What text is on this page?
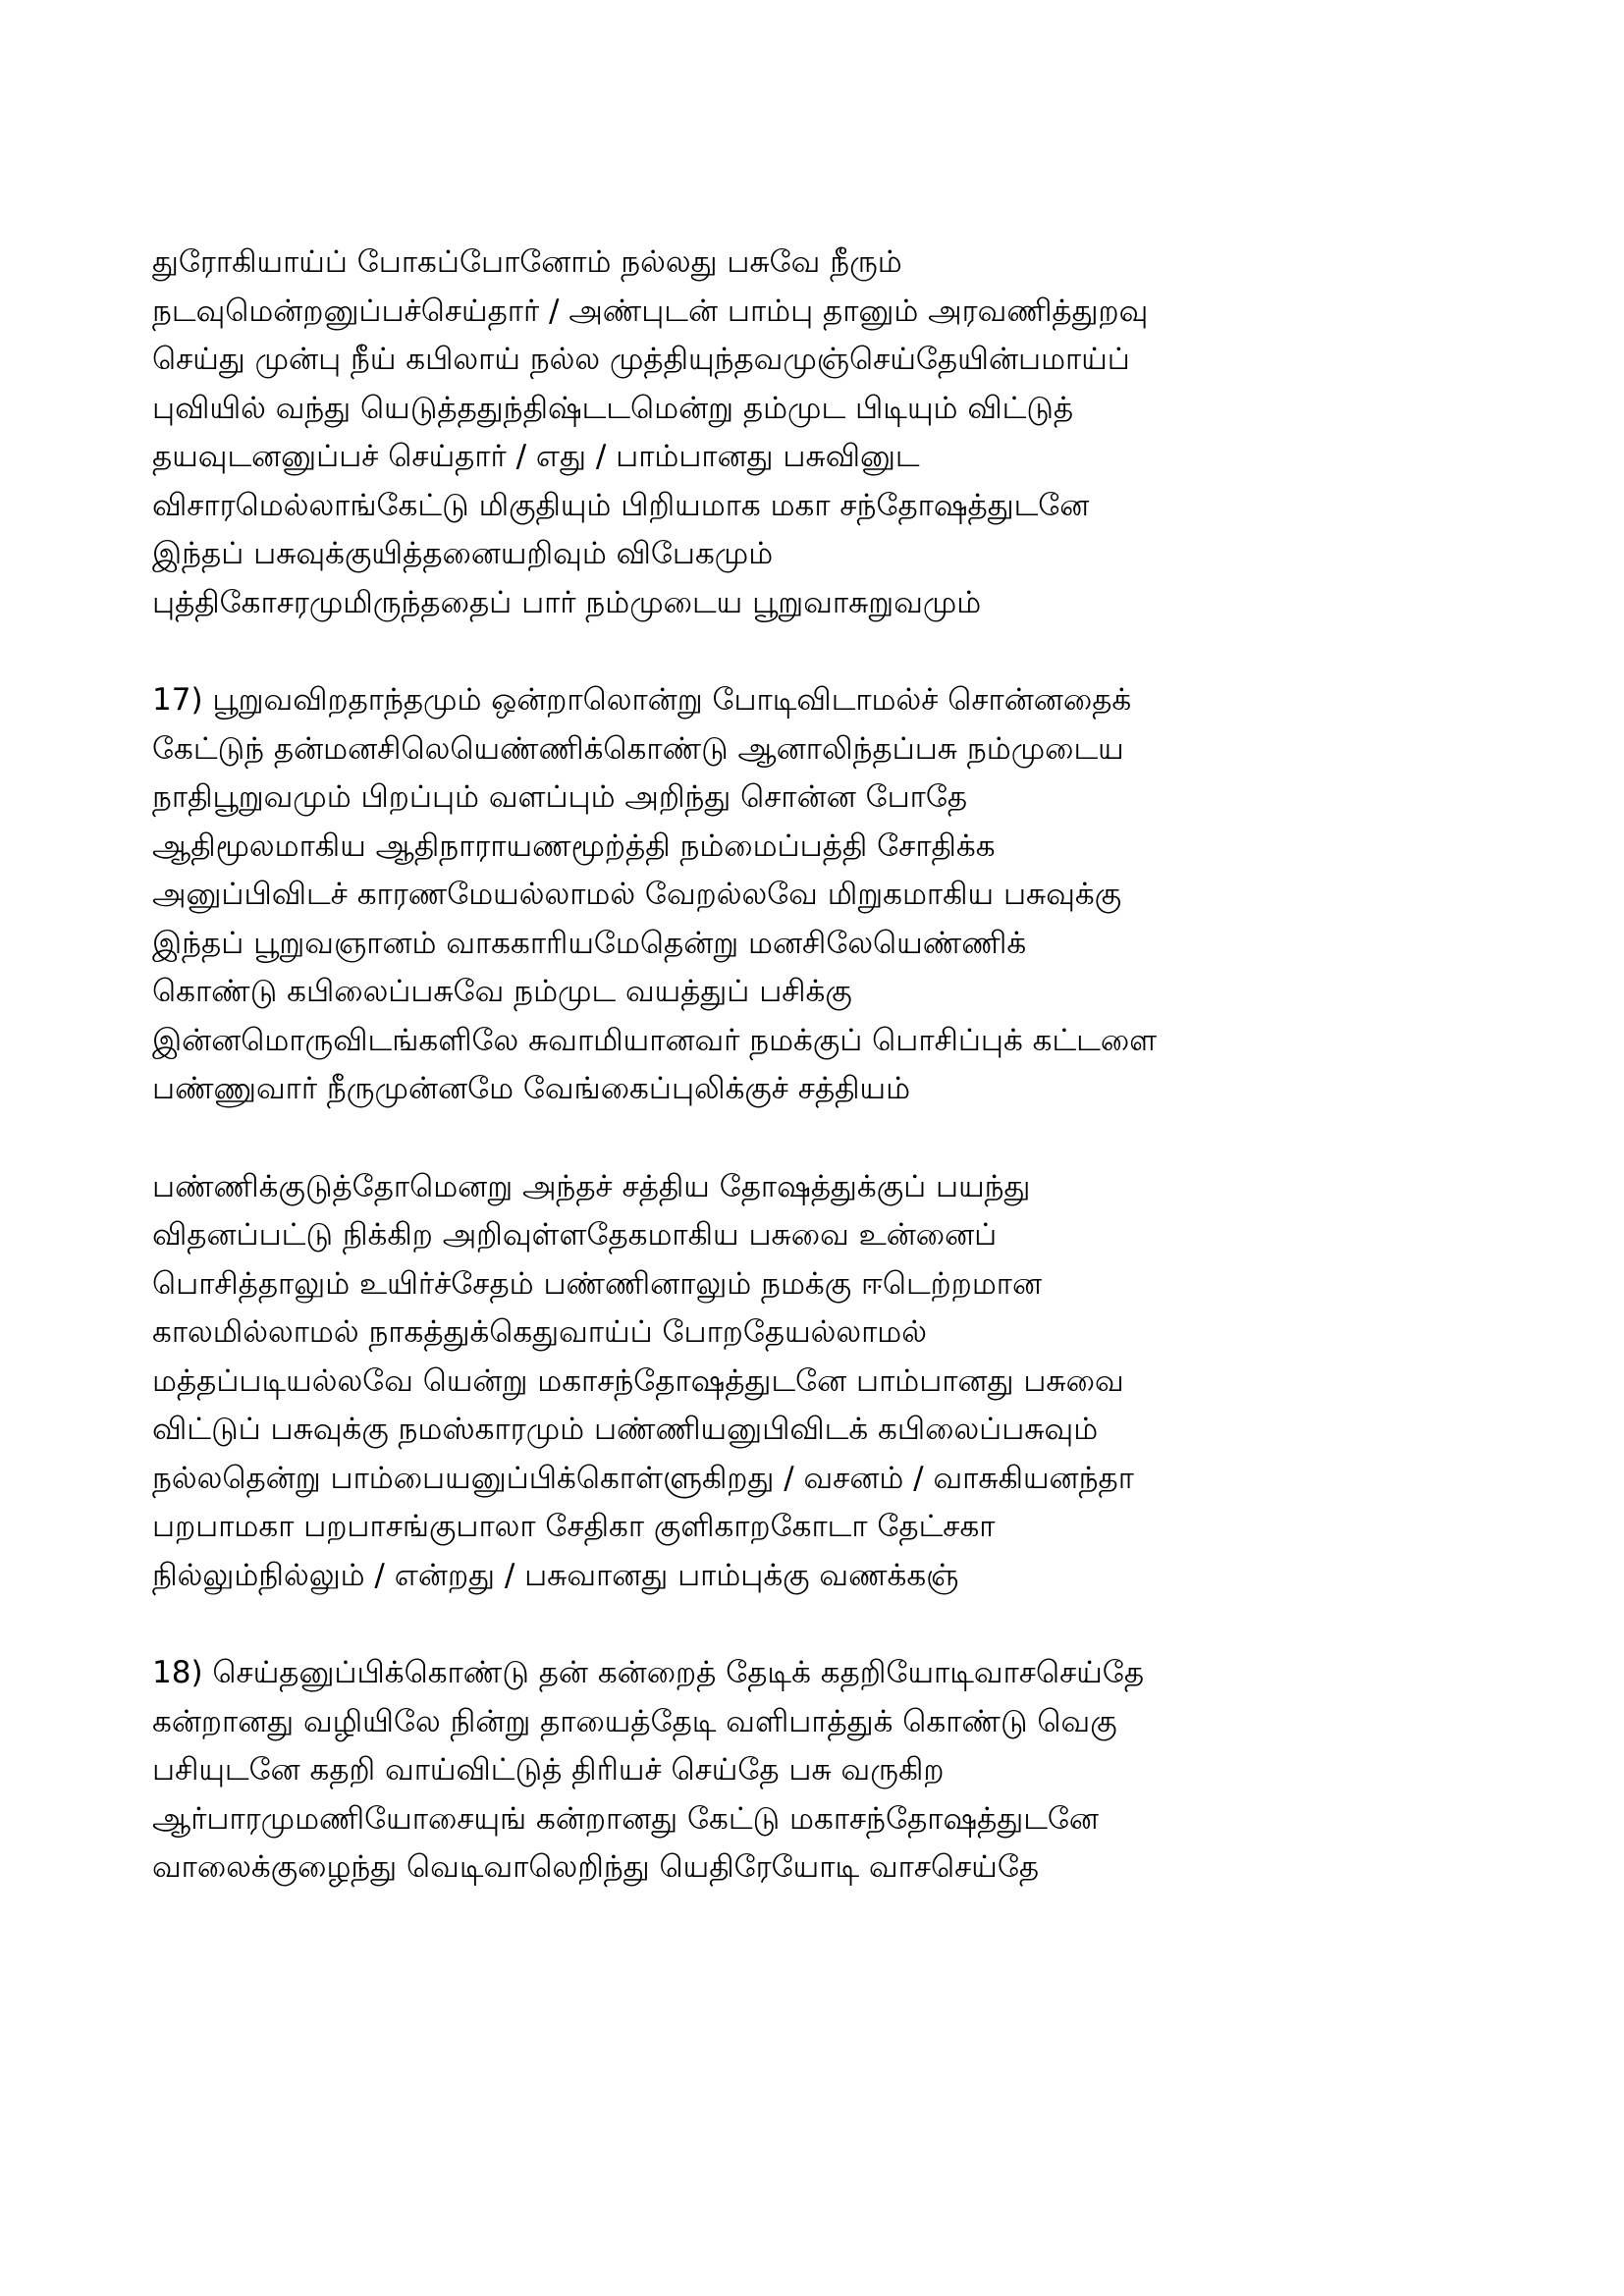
துரோகியாய்ப் போகப்போனோம் நல்லது பசுவே நீரும்
நடவுமென்றனுப்பச்செய்தார் / அண்புடன் பாம்பு தானும் அரவணித்துறவு
செய்து முன்பு நீய் கபிலாய் நல்ல முத்தியுந்தவமுஞ்செய்தேயின்பமாய்ப்
புவியில் வந்து யெடுத்ததுந்திஷ்டடமென்று தம்முட பிடியும் விட்டுத்
தயவுடனனுப்பச் செய்தார் / எது / பாம்பானது பசுவினுட
விசாரமெல்லாங்கேட்டு மிகுதியும் பிறியமாக மகா சந்தோஷத்துடனே
இந்தப் பசுவுக்குயித்தனையறிவும் விபேகமும்
புத்திகோசரமுமிருந்ததைப் பார் நம்முடைய பூறுவாசுறுவமும்

17) பூறுவவிறதாந்தமும் ஒன்றாலொன்று போடிவிடாமல்ச் சொன்னதைக்
கேட்டுந் தன்மனசிலெயெண்ணிக்கொண்டு ஆனாலிந்தப்பசு நம்முடைய
நாதிபூறுவமும் பிறப்பும் வளப்பும் அறிந்து சொன்ன போதே
ஆதிமூலமாகிய ஆதிநாராயணமூற்த்தி நம்மைப்பத்தி சோதிக்க
அனுப்பிவிடச் காரணமேயல்லாமல் வேறல்லவே மிறுகமாகிய பசுவுக்கு
இந்தப் பூறுவஞானம் வாககாரியமேதென்று மனசிலேயெண்ணிக்
கொண்டு கபிலைப்பசுவே நம்முட வயத்துப் பசிக்கு
இன்னமொருவிடங்களிலே சுவாமியானவர் நமக்குப் பொசிப்புக் கட்டளை
பண்ணுவார் நீருமுன்னமே வேங்கைப்புலிக்குச் சத்தியம்

பண்ணிக்குடுத்தோமெனறு அந்தச் சத்திய தோஷத்துக்குப் பயந்து
விதனப்பட்டு நிக்கிற அறிவுள்ளதேகமாகிய பசுவை உன்னைப்
பொசித்தாலும் உயிர்ச்சேதம் பண்ணினாலும் நமக்கு ஈடெற்றமான
காலமில்லாமல் நாகத்துக்கெதுவாய்ப் போறதேயல்லாமல்
மத்தப்படியல்லவே யென்று மகாசந்தோஷத்துடனே பாம்பானது பசுவை
விட்டுப் பசுவுக்கு நமஸ்காரமும் பண்ணியனுபிவிடக் கபிலைப்பசுவும்
நல்லதென்று பாம்பையனுப்பிக்கொள்ளுகிறது / வசனம் / வாசுகியனந்தா
பறபாமகா பறபாசங்குபாலா சேதிகா குளிகாறகோடா தேட்சகா
நில்லும்நில்லும் / என்றது / பசுவானது பாம்புக்கு வணக்கஞ்

18) செய்தனுப்பிக்கொண்டு தன் கன்றைத் தேடிக் கதறியோடிவாசசெய்தே
கன்றானது வழியிலே நின்று தாயைத்தேடி வளிபாத்துக் கொண்டு வெகு
பசியுடனே கதறி வாய்விட்டுத் திரியச் செய்தே பசு வருகிற
ஆர்பாரமுமணியோசையுங் கன்றானது கேட்டு மகாசந்தோஷத்துடனே
வாலைக்குழைந்து வெடிவாலெறிந்து யெதிரேயோடி வாசசெய்தே
